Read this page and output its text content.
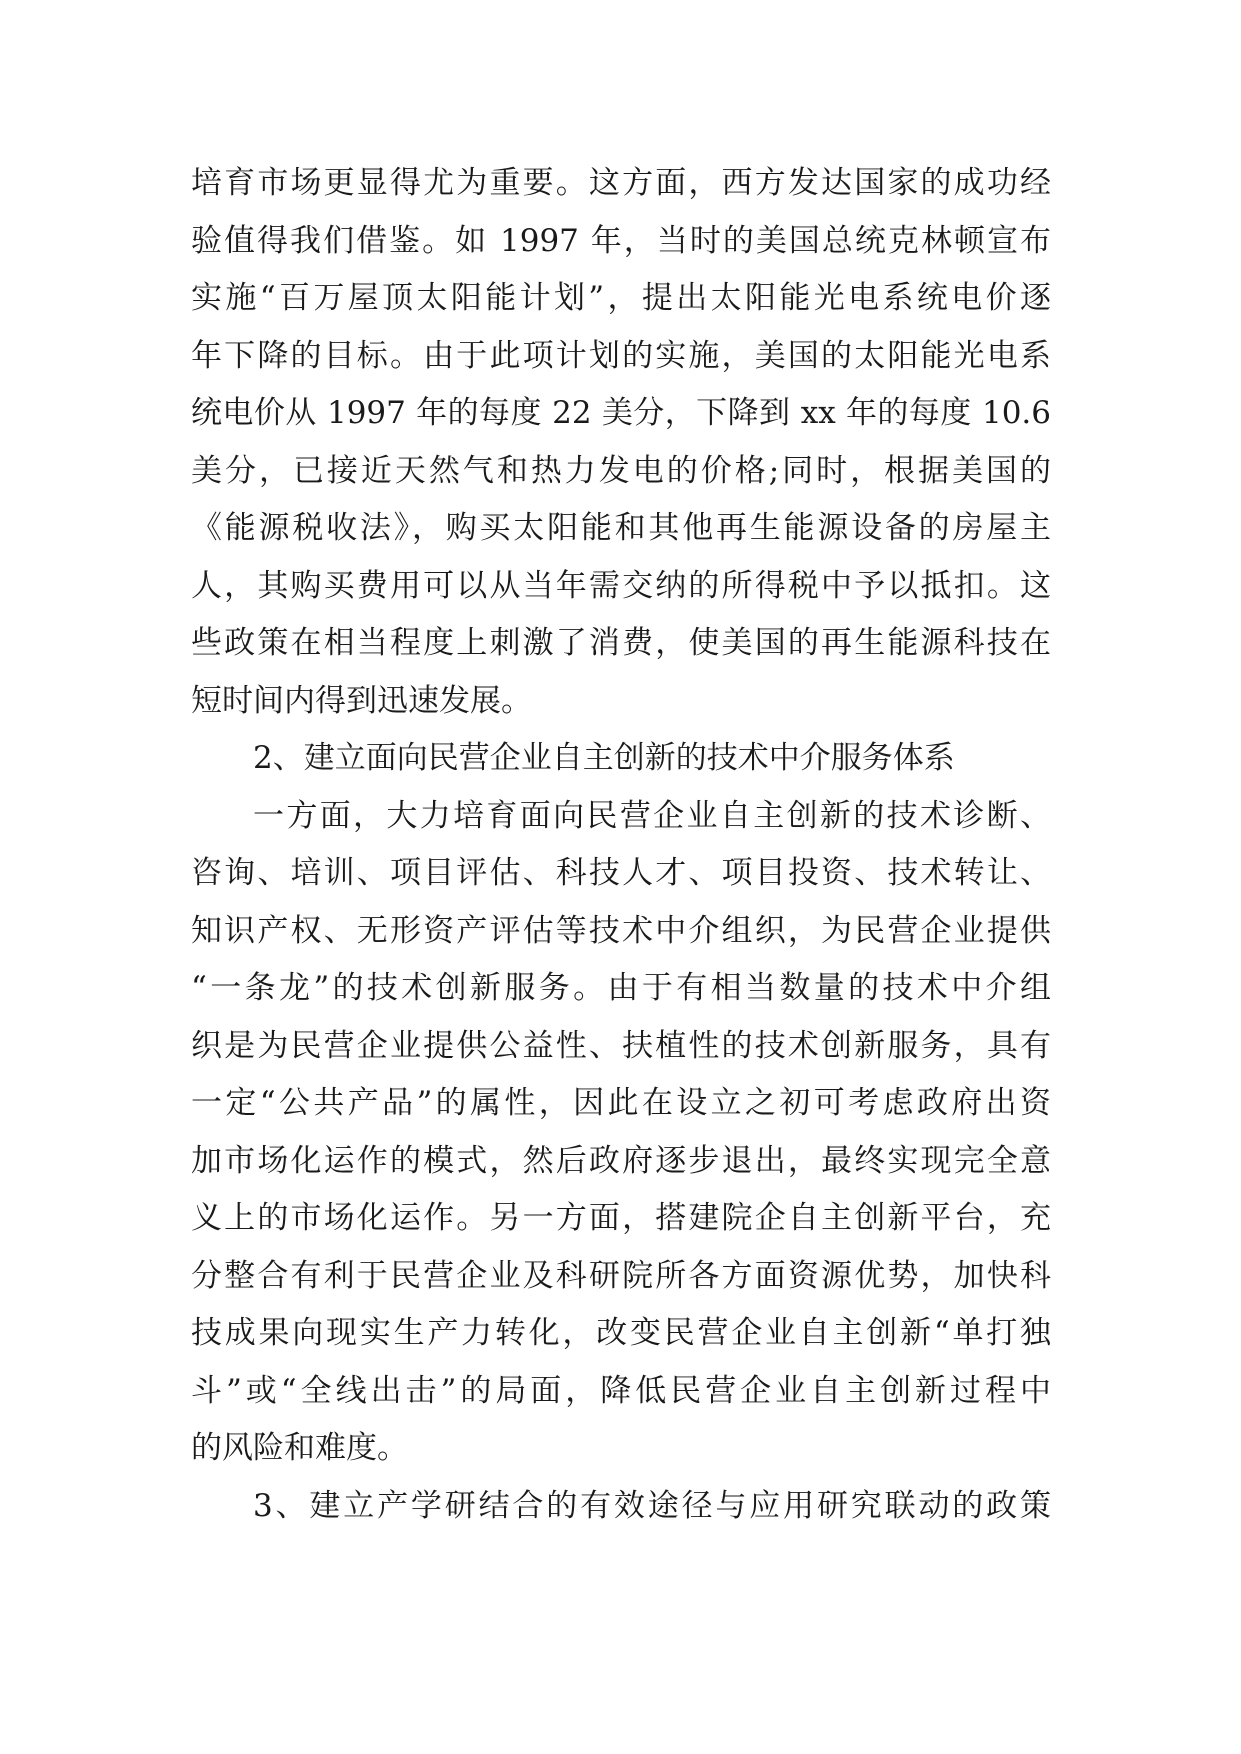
培育市场更显得尤为重要。这方面，西方发达国家的成功经
验值得我们借鉴。如 1997 年，当时的美国总统克林顿宣布
实施“百万屋顶太阳能计划”，提出太阳能光电系统电价逐
年下降的目标。由于此项计划的实施，美国的太阳能光电系
统电价从 1997 年的每度 22 美分，下降到 xx 年的每度 10.6
美分，已接近天然气和热力发电的价格;同时，根据美国的
《能源税收法》，购买太阳能和其他再生能源设备的房屋主
人，其购买费用可以从当年需交纳的所得税中予以抵扣。这
些政策在相当程度上刺激了消费，使美国的再生能源科技在
短时间内得到迅速发展。
2、建立面向民营企业自主创新的技术中介服务体系
一方面，大力培育面向民营企业自主创新的技术诊断、
咨询、培训、项目评估、科技人才、项目投资、技术转让、
知识产权、无形资产评估等技术中介组织，为民营企业提供
“一条龙”的技术创新服务。由于有相当数量的技术中介组
织是为民营企业提供公益性、扶植性的技术创新服务，具有
一定“公共产品”的属性，因此在设立之初可考虑政府出资
加市场化运作的模式，然后政府逐步退出，最终实现完全意
义上的市场化运作。另一方面，搭建院企自主创新平台，充
分整合有利于民营企业及科研院所各方面资源优势，加快科
技成果向现实生产力转化，改变民营企业自主创新“单打独
斗”或“全线出击”的局面，降低民营企业自主创新过程中
的风险和难度。
3、建立产学研结合的有效途径与应用研究联动的政策
